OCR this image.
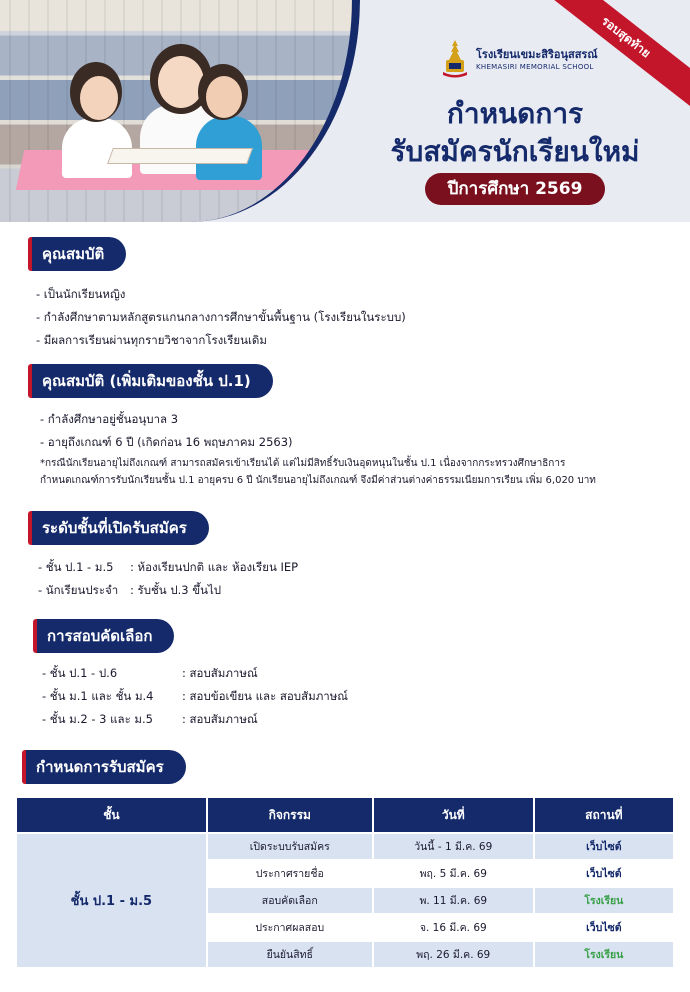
รอบสุดท้าย
โรงเรียนเขมะสิริอนุสสรณ์
KHEMASIRI MEMORIAL SCHOOL
กำหนดการ
รับสมัครนักเรียนใหม่
ปีการศึกษา 2569
คุณสมบัติ
- เป็นนักเรียนหญิง
- กำลังศึกษาตามหลักสูตรแกนกลางการศึกษาขั้นพื้นฐาน (โรงเรียนในระบบ)
- มีผลการเรียนผ่านทุกรายวิชาจากโรงเรียนเดิม
คุณสมบัติ (เพิ่มเติมของชั้น ป.1)
- กำลังศึกษาอยู่ชั้นอนุบาล 3
- อายุถึงเกณฑ์ 6 ปี (เกิดก่อน 16 พฤษภาคม 2563)
*กรณีนักเรียนอายุไม่ถึงเกณฑ์ สามารถสมัครเข้าเรียนได้ แต่ไม่มีสิทธิ์รับเงินอุดหนุนในชั้น ป.1 เนื่องจากกระทรวงศึกษาธิการ
กำหนดเกณฑ์การรับนักเรียนชั้น ป.1 อายุครบ 6 ปี นักเรียนอายุไม่ถึงเกณฑ์ จึงมีค่าส่วนต่างค่าธรรมเนียมการเรียน เพิ่ม 6,020 บาท
ระดับชั้นที่เปิดรับสมัคร
- ชั้น ป.1 - ม.5	: ห้องเรียนปกติ และ ห้องเรียน IEP
- นักเรียนประจำ	: รับชั้น ป.3 ขึ้นไป
การสอบคัดเลือก
- ชั้น ป.1 - ป.6	: สอบสัมภาษณ์
- ชั้น ม.1 และ ชั้น ม.4	: สอบข้อเขียน และ สอบสัมภาษณ์
- ชั้น ม.2 - 3 และ ม.5	: สอบสัมภาษณ์
กำหนดการรับสมัคร
ชั้น	กิจกรรม	วันที่	สถานที่
ชั้น ป.1 - ม.5	เปิดระบบรับสมัคร	วันนี้ - 1 มี.ค. 69	เว็บไซต์
	ประกาศรายชื่อ	พฤ. 5 มี.ค. 69	เว็บไซต์
	สอบคัดเลือก	พ. 11 มี.ค. 69	โรงเรียน
	ประกาศผลสอบ	จ. 16 มี.ค. 69	เว็บไซต์
	ยืนยันสิทธิ์	พฤ. 26 มี.ค. 69	โรงเรียน
